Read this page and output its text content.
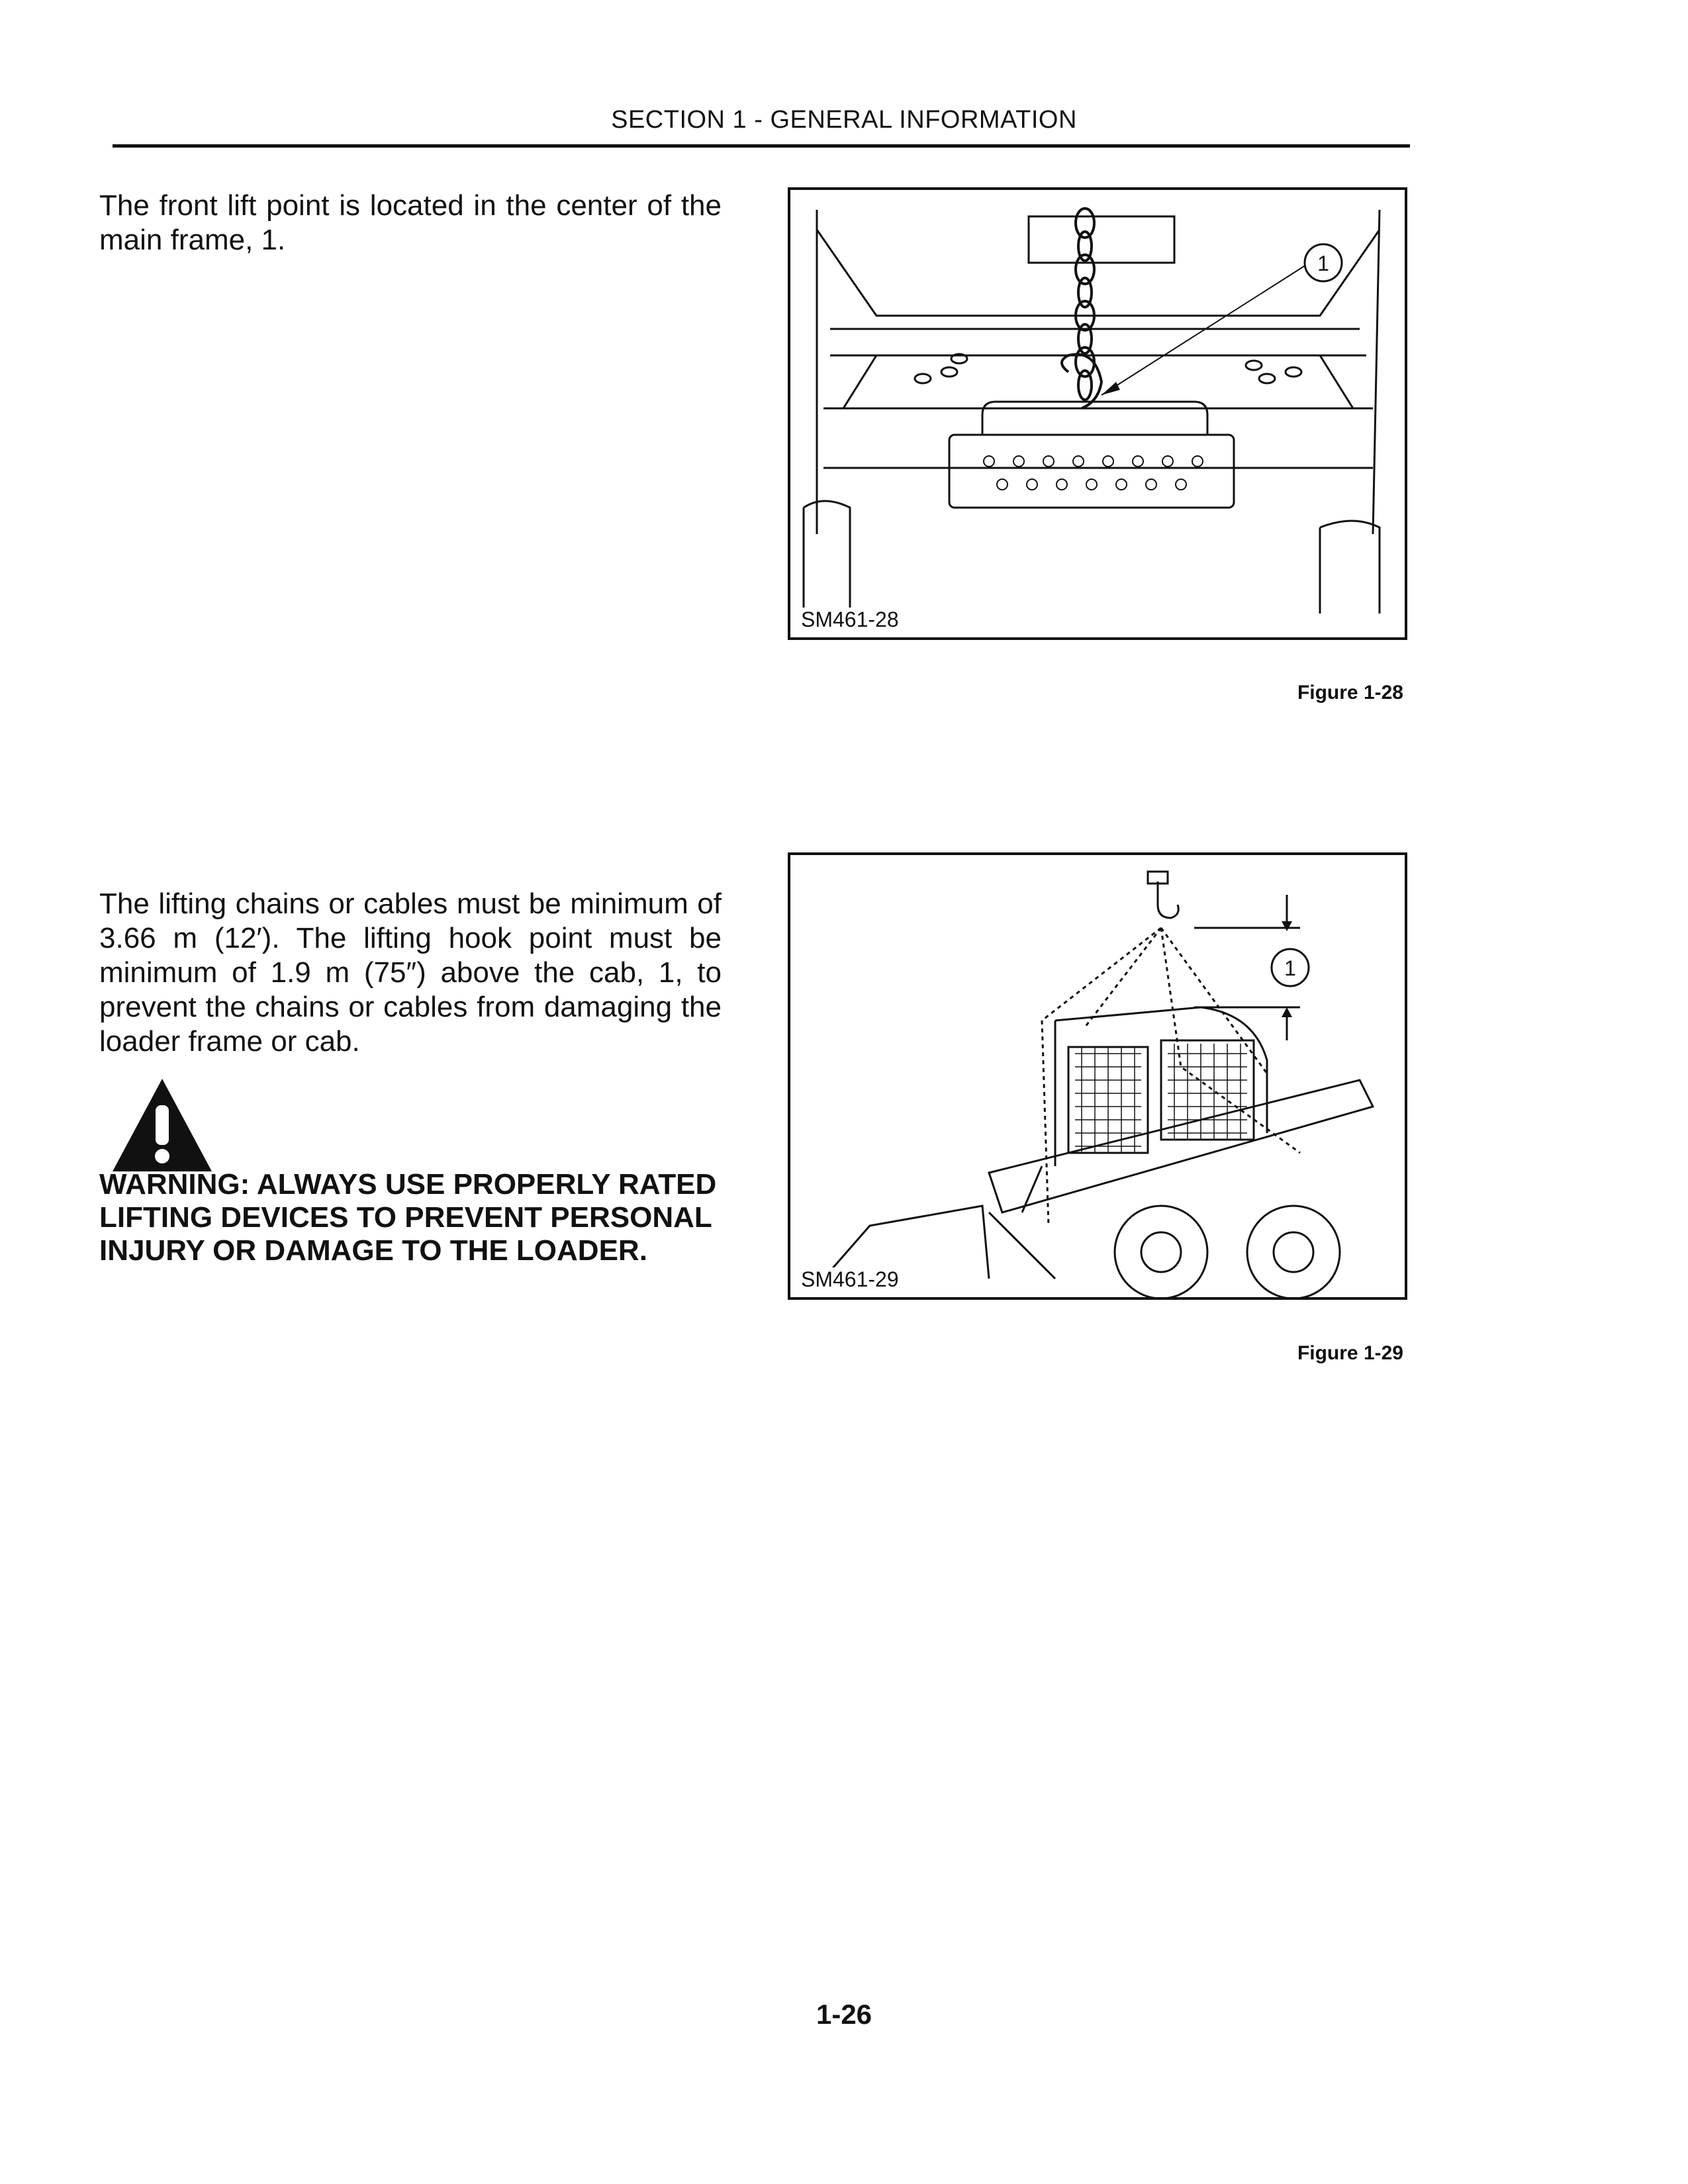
SECTION 1 - GENERAL INFORMATION
The front lift point is located in the center of the main frame, 1.
1
SM461-28
Figure 1-28
The lifting chains or cables must be minimum of 3.66 m (12′). The lifting hook point must be minimum of 1.9 m (75″) above the cab, 1, to prevent the chains or cables from damaging the loader frame or cab.
WARNING: ALWAYS USE PROPERLY RATED LIFTING DEVICES TO PREVENT PERSONAL INJURY OR DAMAGE TO THE LOADER.
1
SM461-29
Figure 1-29
1-26
